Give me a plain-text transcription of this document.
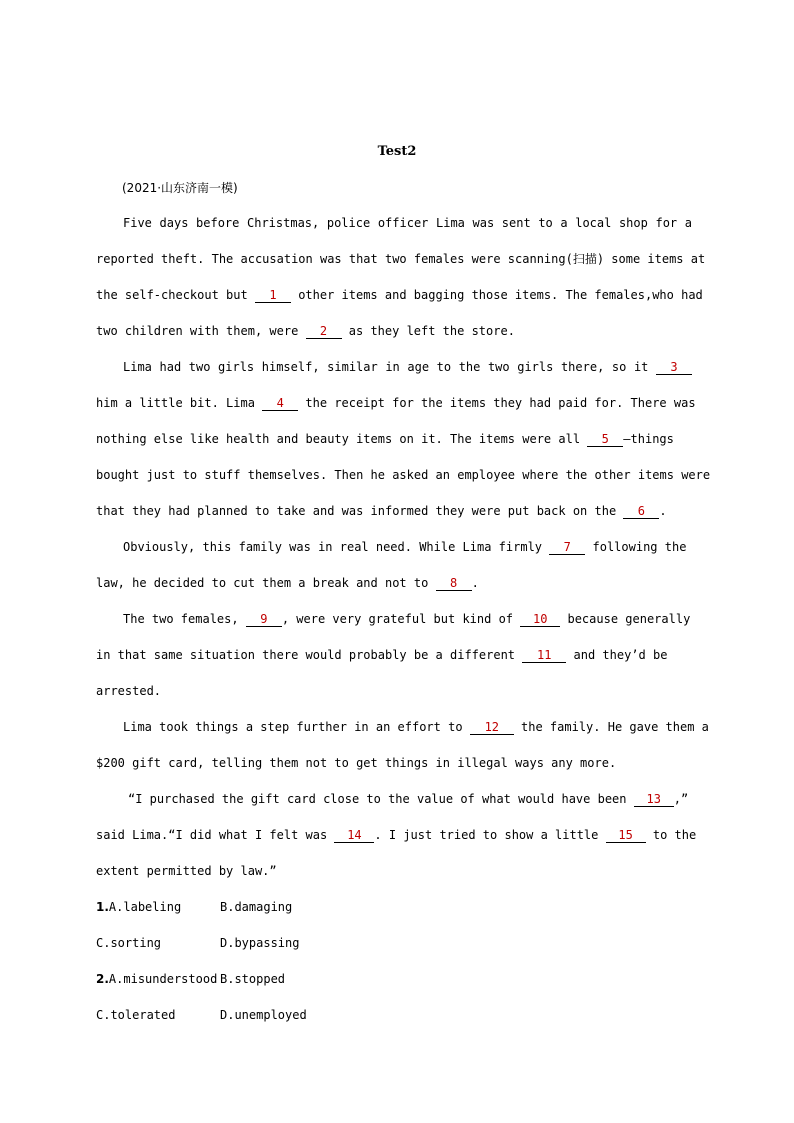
Test2
(2021·山东济南一模)
Five days before Christmas, police officer Lima was sent to a local shop for a
reported theft. The accusation was that two females were scanning(扫描) some items at
the self-checkout but 1 other items and bagging those items. The females,who had
two children with them, were 2 as they left the store.
Lima had two girls himself, similar in age to the two girls there, so it 3
him a little bit. Lima 4 the receipt for the items they had paid for. There was
nothing else like health and beauty items on it. The items were all 5 —things
bought just to stuff themselves. Then he asked an employee where the other items were
that they had planned to take and was informed they were put back on the 6 .
Obviously, this family was in real need. While Lima firmly 7 following the
law, he decided to cut them a break and not to 8 .
The two females, 9 , were very grateful but kind of 10 because generally
in that same situation there would probably be a different 11 and they’d be
arrested.
Lima took things a step further in an effort to 12 the family. He gave them a
$200 gift card, telling them not to get things in illegal ways any more.
“I purchased the gift card close to the value of what would have been 13 ,”
said Lima.“I did what I felt was 14 . I just tried to show a little 15 to the
extent permitted by law.”
1.A.labeling	B.damaging
C.sorting	D.bypassing
2.A.misunderstood B.stopped
C.tolerated	D.unemployed
